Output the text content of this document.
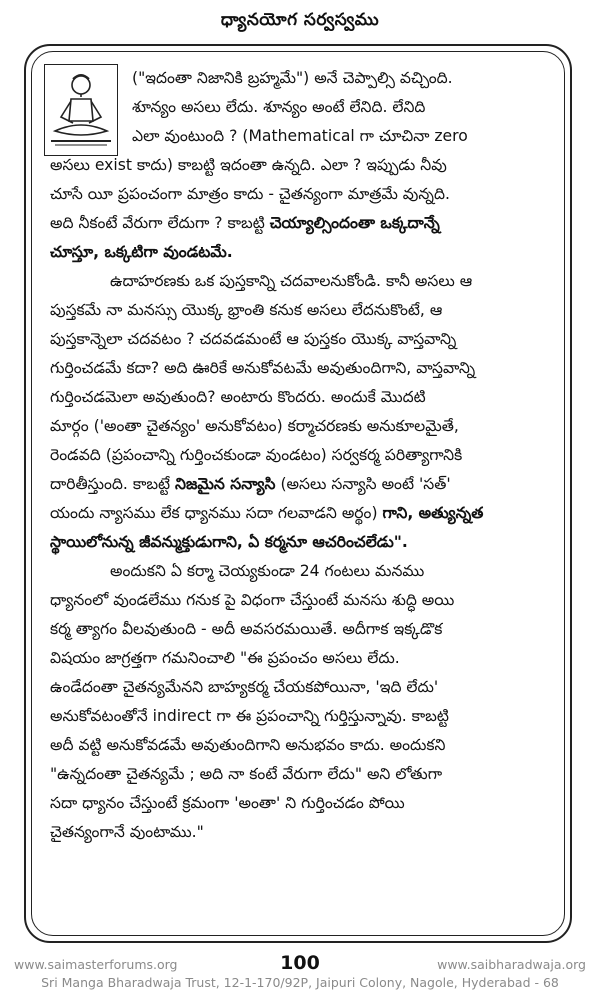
ధ్యానయోగ సర్వస్వము
("ఇదంతా నిజానికి బ్రహ్మమే") అనే చెప్పాల్సి వచ్చింది.
శూన్యం అసలు లేదు. శూన్యం అంటే లేనిది. లేనిది
ఎలా వుంటుంది ? (Mathematical గా చూచినా zero
అసలు exist కాదు) కాబట్టి ఇదంతా ఉన్నది. ఎలా ? ఇప్పుడు నీవు
చూసే యీ ప్రపంచంగా మాత్రం కాదు - చైతన్యంగా మాత్రమే వున్నది.
అది నీకంటే వేరుగా లేదుగా ? కాబట్టి చెయ్యాల్సిందంతా ఒక్కదాన్నే
చూస్తూ, ఒక్కటిగా వుండటమే.
ఉదాహరణకు ఒక పుస్తకాన్ని చదవాలనుకోండి. కానీ అసలు ఆ
పుస్తకమే నా మనస్సు యొక్క భ్రాంతి కనుక అసలు లేదనుకొంటే, ఆ
పుస్తకాన్నెలా చదవటం ? చదవడమంటే ఆ పుస్తకం యొక్క వాస్తవాన్ని
గుర్తించడమే కదా? అది ఊరికే అనుకోవటమే అవుతుందిగాని, వాస్తవాన్ని
గుర్తించడమెలా అవుతుంది? అంటారు కొందరు. అందుకే మొదటి
మార్గం ('అంతా చైతన్యం' అనుకోవటం) కర్మాచరణకు అనుకూలమైతే,
రెండవది (ప్రపంచాన్ని గుర్తించకుండా వుండటం) సర్వకర్మ పరిత్యాగానికి
దారితీస్తుంది. కాబట్టే నిజమైన సన్యాసి (అసలు సన్యాసి అంటే 'సత్'
యందు న్యాసము లేక ధ్యానము సదా గలవాడని అర్థం) గాని, అత్యున్నత
స్థాయిలోనున్న జీవన్ముక్తుడుగాని, ఏ కర్మనూ ఆచరించలేడు".
అందుకని ఏ కర్మా చెయ్యకుండా 24 గంటలు మనము
ధ్యానంలో వుండలేము గనుక పై విధంగా చేస్తుంటే మనసు శుద్ధి అయి
కర్మ త్యాగం వీలవుతుంది - అదీ అవసరమయితే. అదీగాక ఇక్కడొక
విషయం జాగ్రత్తగా గమనించాలి "ఈ ప్రపంచం అసలు లేదు.
ఉండేదంతా చైతన్యమేనని బాహ్యకర్మ చేయకపోయినా, 'ఇది లేదు'
అనుకోవటంతోనే indirect గా ఈ ప్రపంచాన్ని గుర్తిస్తున్నావు. కాబట్టి
అదీ వట్టి అనుకోవడమే అవుతుందిగాని అనుభవం కాదు. అందుకని
"ఉన్నదంతా చైతన్యమే ; అది నా కంటే వేరుగా లేదు" అని లోతుగా
సదా ధ్యానం చేస్తుంటే క్రమంగా 'అంతా' ని గుర్తించడం పోయి
చైతన్యంగానే వుంటాము."
www.saimasterforums.org	100	www.saibharadwaja.org
Sri Manga Bharadwaja Trust, 12-1-170/92P, Jaipuri Colony, Nagole, Hyderabad - 68
